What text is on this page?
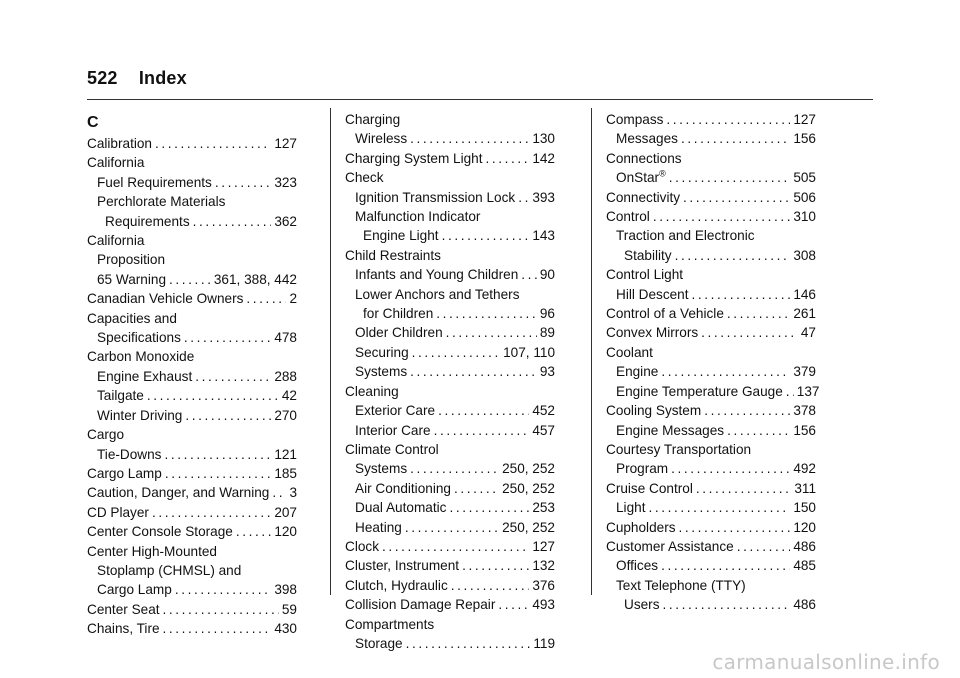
522 Index
C
Calibration .....	127
California
Fuel Requirements .....	323
Perchlorate Materials
Requirements .....	362
California
Proposition
65 Warning .....	361, 388, 442
Canadian Vehicle Owners .....	2
Capacities and
Specifications .....	478
Carbon Monoxide
Engine Exhaust .....	288
Tailgate .....	42
Winter Driving .....	270
Cargo
Tie-Downs .....	121
Cargo Lamp .....	185
Caution, Danger, and Warning ..... 3
CD Player .....	207
Center Console Storage .....	120
Center High-Mounted
Stoplamp (CHMSL) and
Cargo Lamp .....	398
Center Seat .....	59
Chains, Tire .....	430
Charging
Wireless .....	130
Charging System Light .....	142
Check
Ignition Transmission Lock ..... 393
Malfunction Indicator
Engine Light .....	143
Child Restraints
Infants and Young Children ..... 90
Lower Anchors and Tethers
for Children .....	96
Older Children .....	89
Securing .....	107, 110
Systems .....	93
Cleaning
Exterior Care .....	452
Interior Care .....	457
Climate Control
Systems .....	250, 252
Air Conditioning .....	250, 252
Dual Automatic .....	253
Heating .....	250, 252
Clock .....	127
Cluster, Instrument .....	132
Clutch, Hydraulic .....	376
Collision Damage Repair .....	493
Compartments
Storage .....	119
Compass .....	127
Messages .....	156
Connections
OnStar® .....	505
Connectivity .....	506
Control .....	310
Traction and Electronic
Stability .....	308
Control Light
Hill Descent .....	146
Control of a Vehicle .....	261
Convex Mirrors .....	47
Coolant
Engine .....	379
Engine Temperature Gauge ..... 137
Cooling System .....	378
Engine Messages .....	156
Courtesy Transportation
Program .....	492
Cruise Control .....	311
Light .....	150
Cupholders .....	120
Customer Assistance .....	486
Offices .....	485
Text Telephone (TTY)
Users .....	486
carmanualsonline.info
